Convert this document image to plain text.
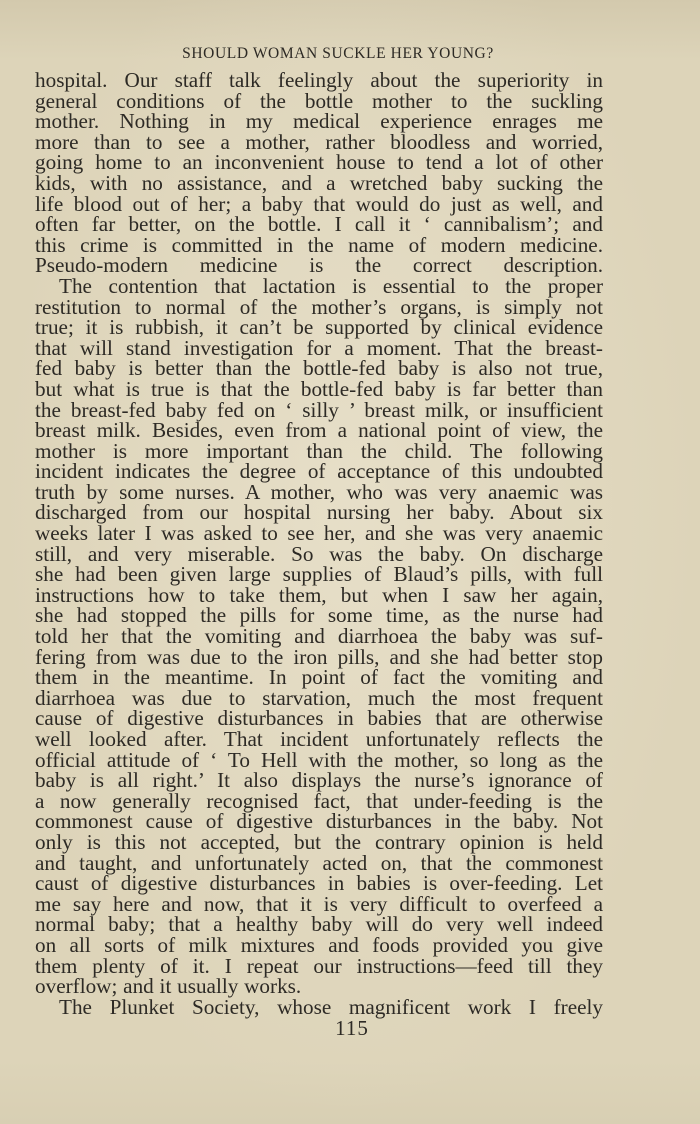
SHOULD WOMAN SUCKLE HER YOUNG?

hospital. Our staff talk feelingly about the superiority in

general conditions of the bottle mother to the suckling

mother. Nothing in my medical experience enrages me

more than to see a mother, rather bloodless and worried,

going home to an inconvenient house to tend a lot of other

kids, with no assistance, and a wretched baby sucking the

life blood out of her; a baby that would do just as well, and

often far better, on the bottle. I call it ‘ cannibalism’; and

this crime is committed in the name of modern medicine.

Pseudo-modern medicine is the correct description.

The contention that lactation is essential to the proper

restitution to normal of the mother’s organs, is simply not

true; it is rubbish, it can’t be supported by clinical evidence

that will stand investigation for a moment. That the breast-

fed baby is better than the bottle-fed baby is also not true,

but what is true is that the bottle-fed baby is far better than

the breast-fed baby fed on ‘ silly ’ breast milk, or insufficient

breast milk. Besides, even from a national point of view, the

mother is more important than the child. The following

incident indicates the degree of acceptance of this undoubted

truth by some nurses. A mother, who was very anaemic was

discharged from our hospital nursing her baby. About six

weeks later I was asked to see her, and she was very anaemic

still, and very miserable. So was the baby. On discharge

she had been given large supplies of Blaud’s pills, with full

instructions how to take them, but when I saw her again,

she had stopped the pills for some time, as the nurse had

told her that the vomiting and diarrhoea the baby was suf-

fering from was due to the iron pills, and she had better stop

them in the meantime. In point of fact the vomiting and

diarrhoea was due to starvation, much the most frequent

cause of digestive disturbances in babies that are otherwise

well looked after. That incident unfortunately reflects the

official attitude of ‘ To Hell with the mother, so long as the

baby is all right.’ It also displays the nurse’s ignorance of

a now generally recognised fact, that under-feeding is the

commonest cause of digestive disturbances in the baby. Not

only is this not accepted, but the contrary opinion is held

and taught, and unfortunately acted on, that the commonest

caust of digestive disturbances in babies is over-feeding. Let

me say here and now, that it is very difficult to overfeed a

normal baby; that a healthy baby will do very well indeed

on all sorts of milk mixtures and foods provided you give

them plenty of it. I repeat our instructions—feed till they

overflow; and it usually works.

The Plunket Society, whose magnificent work I freely

115
